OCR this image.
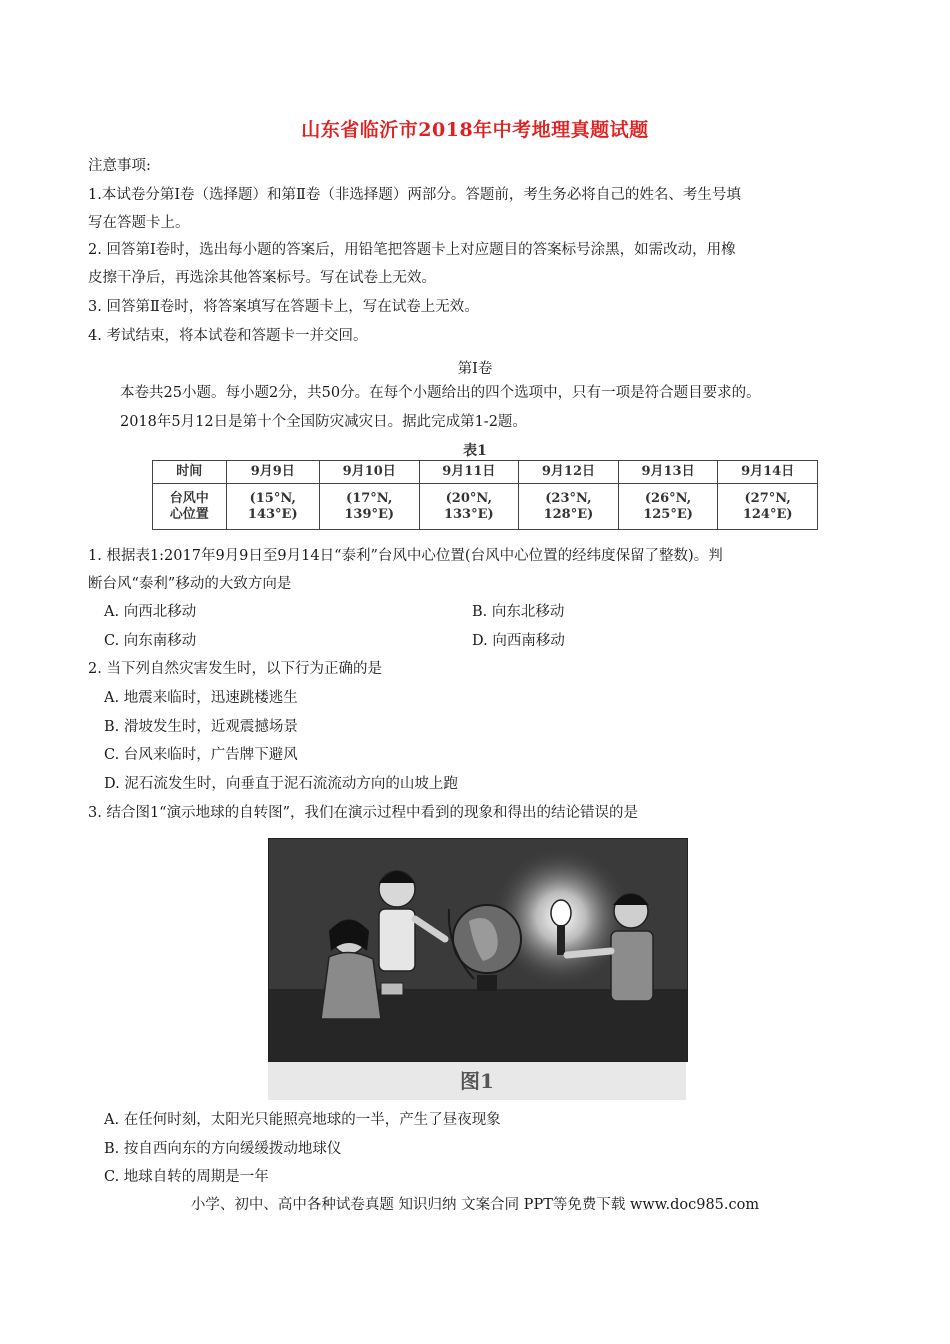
山东省临沂市2018年中考地理真题试题
注意事项:
1.本试卷分第Ⅰ卷（选择题）和第Ⅱ卷（非选择题）两部分。答题前，考生务必将自己的姓名、考生号填
写在答题卡上。
2. 回答第Ⅰ卷时，选出每小题的答案后，用铅笔把答题卡上对应题目的答案标号涂黑，如需改动，用橡
皮擦干净后，再选涂其他答案标号。写在试卷上无效。
3. 回答第Ⅱ卷时，将答案填写在答题卡上，写在试卷上无效。
4. 考试结束，将本试卷和答题卡一并交回。
第Ⅰ卷
本卷共25小题。每小题2分，共50分。在每个小题给出的四个选项中，只有一项是符合题目要求的。
2018年5月12日是第十个全国防灾减灾日。据此完成第1-2题。
表1
时间	9月9日	9月10日	9月11日	9月12日	9月13日	9月14日
台风中
心位置	(15°N,
143°E)	(17°N,
139°E)	(20°N,
133°E)	(23°N,
128°E)	(26°N,
125°E)	(27°N,
124°E)
1. 根据表1:2017年9月9日至9月14日“泰利”台风中心位置(台风中心位置的经纬度保留了整数)。判
断台风“泰利”移动的大致方向是
A. 向西北移动	B. 向东北移动
C. 向东南移动	D. 向西南移动
2. 当下列自然灾害发生时，以下行为正确的是
A. 地震来临时，迅速跳楼逃生
B. 滑坡发生时，近观震撼场景
C. 台风来临时，广告牌下避风
D. 泥石流发生时，向垂直于泥石流流动方向的山坡上跑
3. 结合图1“演示地球的自转图”，我们在演示过程中看到的现象和得出的结论错误的是
图1
A. 在任何时刻，太阳光只能照亮地球的一半，产生了昼夜现象
B. 按自西向东的方向缓缓拨动地球仪
C. 地球自转的周期是一年
小学、初中、高中各种试卷真题 知识归纳 文案合同 PPT等免费下载 www.doc985.com
